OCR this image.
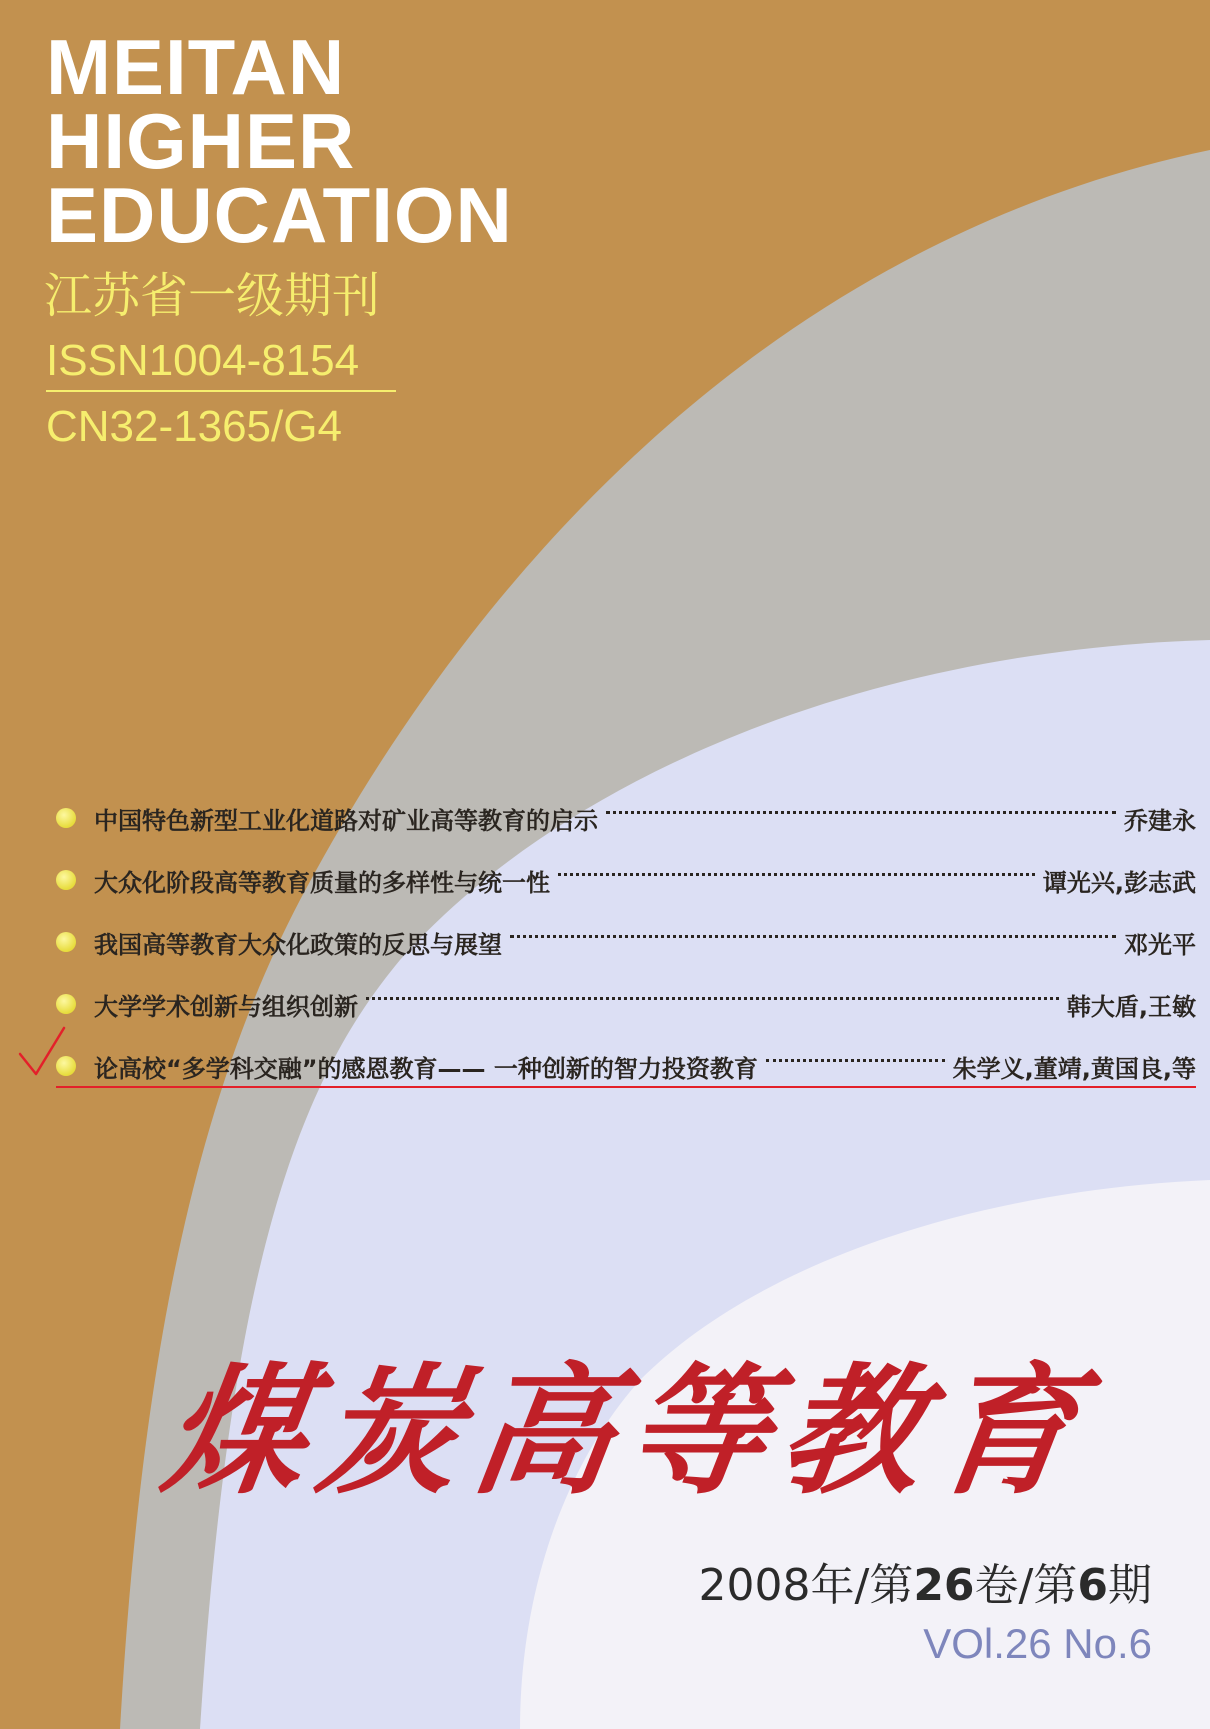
MEITAN
HIGHER
EDUCATION

江苏省一级期刊

ISSN1004-8154
CN32-1365/G4
中国特色新型工业化道路对矿业高等教育的启示	乔建永
大众化阶段高等教育质量的多样性与统一性	谭光兴,彭志武
我国高等教育大众化政策的反思与展望	邓光平
大学学术创新与组织创新	韩大盾,王敏
论高校“多学科交融”的感恩教育—— 一种创新的智力投资教育	朱学义,董靖,黄国良,等
煤炭高等教育
2008年/第26卷/第6期
VOl.26 No.6
